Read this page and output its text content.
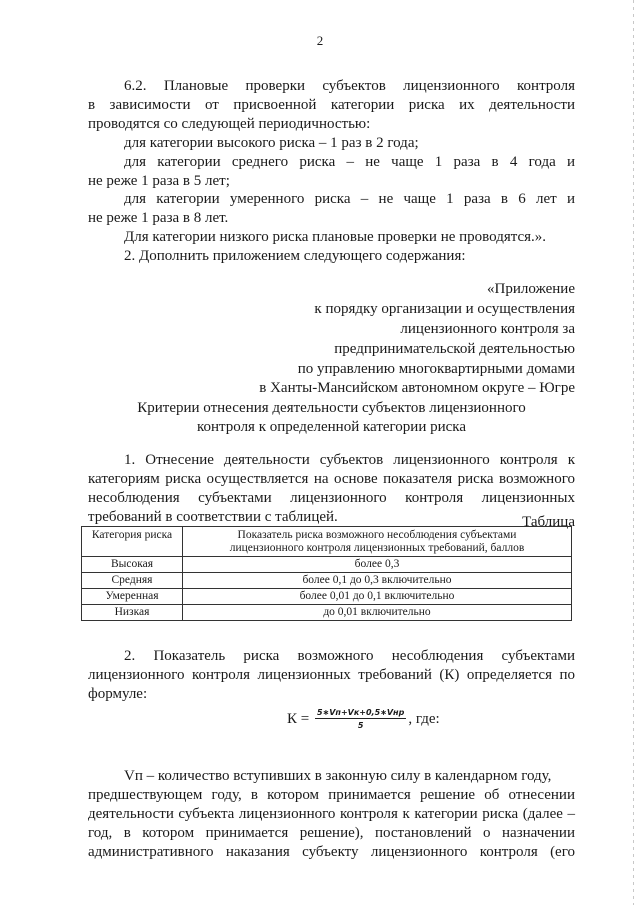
2
6.2. Плановые проверки субъектов лицензионного контроля
в зависимости от присвоенной категории риска их деятельности
проводятся со следующей периодичностью:
для категории высокого риска – 1 раз в 2 года;
для категории среднего риска – не чаще 1 раза в 4 года и
не реже 1 раза в 5 лет;
для категории умеренного риска – не чаще 1 раза в 6 лет и
не реже 1 раза в 8 лет.
Для категории низкого риска плановые проверки не проводятся.».
2. Дополнить приложением следующего содержания:
«Приложение
к порядку организации и осуществления
лицензионного контроля за
предпринимательской деятельностью
по управлению многоквартирными домами
в Ханты-Мансийском автономном округе – Югре
Критерии отнесения деятельности субъектов лицензионного
контроля к определенной категории риска
1. Отнесение деятельности субъектов лицензионного контроля к
категориям риска осуществляется на основе показателя риска возможного
несоблюдения субъектами лицензионного контроля лицензионных
требований в соответствии с таблицей.	Таблица
Категория риска	Показатель риска возможного несоблюдения субъектами
лицензионного контроля лицензионных требований, баллов

Высокая	более 0,3
Средняя	более 0,1 до 0,3 включительно
Умеренная	более 0,01 до 0,1 включительно
Низкая	до 0,01 включительно
2. Показатель риска возможного несоблюдения субъектами
лицензионного контроля лицензионных требований (К) определяется по
формуле:
$К = \frac{\text{5∗Vп+Vк+0,5∗Vнр}}{5}$ , где:
Vп – количество вступивших в законную силу в календарном году,
предшествующем году, в котором принимается решение об отнесении
деятельности субъекта лицензионного контроля к категории риска (далее –
год, в котором принимается решение), постановлений о назначении
административного наказания субъекту лицензионного контроля (его
